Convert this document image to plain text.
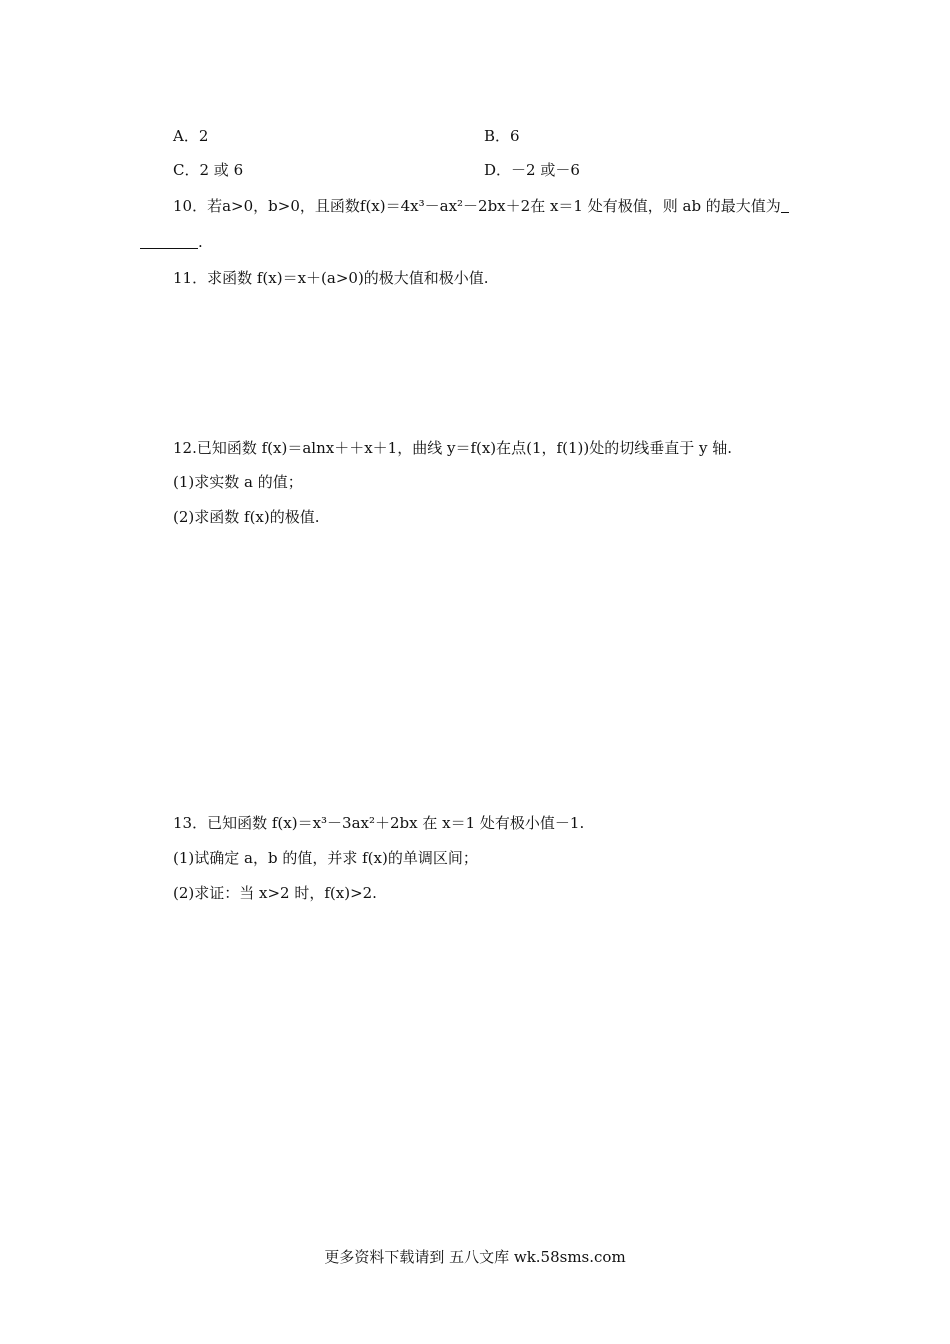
A．2	B．6
C．2 或 6	D．－2 或－6
10．若a>0，b>0，且函数f(x)＝4x³－ax²－2bx＋2在 x＝1 处有极值，则 ab 的最大值为
.
11．求函数 f(x)＝x＋(a>0)的极大值和极小值.
12.已知函数 f(x)＝alnx＋＋x＋1，曲线 y＝f(x)在点(1，f(1))处的切线垂直于 y 轴.
(1)求实数 a 的值；
(2)求函数 f(x)的极值.
13．已知函数 f(x)＝x³－3ax²＋2bx 在 x＝1 处有极小值－1.
(1)试确定 a，b 的值，并求 f(x)的单调区间；
(2)求证：当 x>2 时，f(x)>2.
更多资料下载请到 五八文库 wk.58sms.com
